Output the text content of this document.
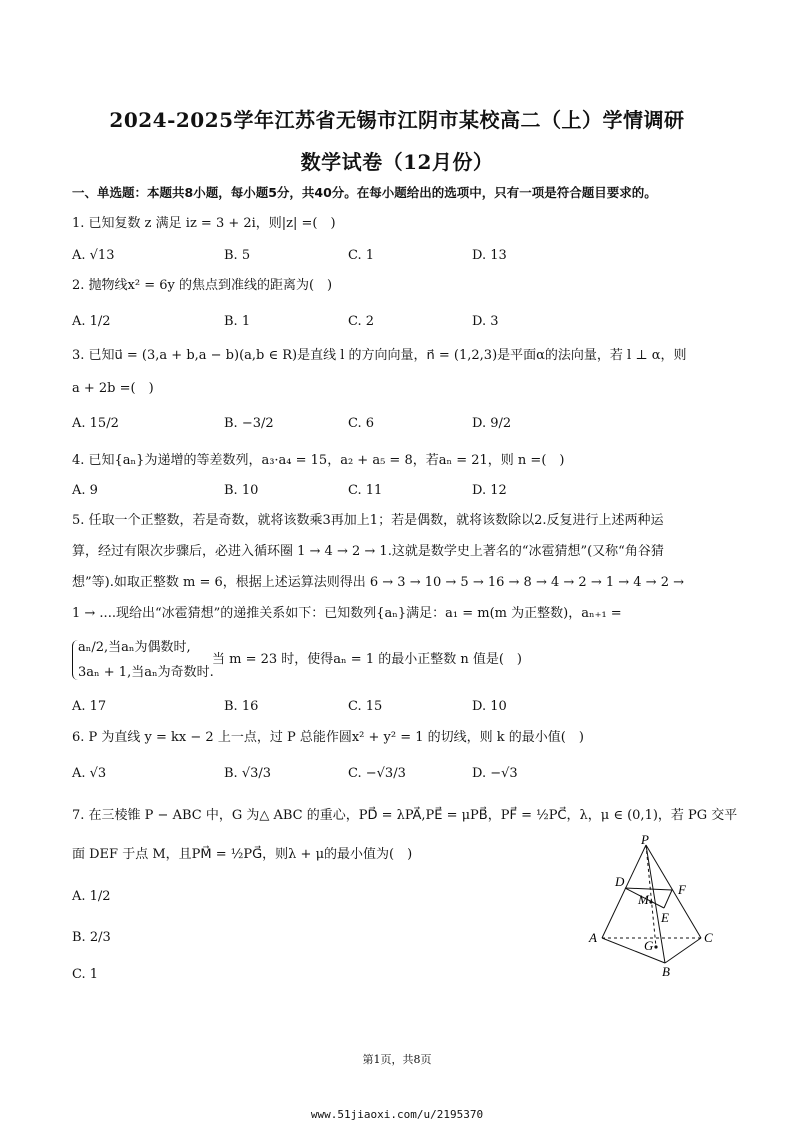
2024-2025学年江苏省无锡市江阴市某校高二（上）学情调研
数学试卷（12月份）
一、单选题：本题共8小题，每小题5分，共40分。在每小题给出的选项中，只有一项是符合题目要求的。
1. 已知复数 z 满足 iz = 3 + 2i，则|z| =(　)
A. √13	B. 5	C. 1	D. 13
2. 抛物线x² = 6y 的焦点到准线的距离为(　)
A. 1/2	B. 1	C. 2	D. 3
3. 已知u⃗ = (3,a + b,a − b)(a,b ∈ R)是直线 l 的方向向量，n⃗ = (1,2,3)是平面α的法向量，若 l ⊥ α，则
a + 2b =(　)
A. 15/2	B. −3/2	C. 6	D. 9/2
4. 已知{aₙ}为递增的等差数列，a₃·a₄ = 15，a₂ + a₅ = 8，若aₙ = 21，则 n =(　)
A. 9	B. 10	C. 11	D. 12
5. 任取一个正整数，若是奇数，就将该数乘3再加上1；若是偶数，就将该数除以2.反复进行上述两种运
算，经过有限次步骤后，必进入循环圈 1 → 4 → 2 → 1.这就是数学史上著名的“冰雹猜想”(又称“角谷猜
想”等).如取正整数 m = 6，根据上述运算法则得出 6 → 3 → 10 → 5 → 16 → 8 → 4 → 2 → 1 → 4 → 2 →
1 → ....现给出“冰雹猜想”的递推关系如下：已知数列{aₙ}满足：a₁ = m(m 为正整数)，aₙ₊₁ =
aₙ/2,当aₙ为偶数时,
3aₙ + 1,当aₙ为奇数时.
当 m = 23 时，使得aₙ = 1 的最小正整数 n 值是(　)
A. 17	B. 16	C. 15	D. 10
6. P 为直线 y = kx − 2 上一点，过 P 总能作圆x² + y² = 1 的切线，则 k 的最小值(　)
A. √3	B. √3/3	C. −√3/3	D. −√3
7. 在三棱锥 P − ABC 中，G 为△ ABC 的重心，PD⃗ = λPA⃗,PE⃗ = μPB⃗，PF⃗ = ½PC⃗，λ，μ ∈ (0,1)，若 PG 交平
面 DEF 于点 M，且PM⃗ = ½PG⃗，则λ + μ的最小值为(　)
A. 1/2
B. 2/3
C. 1
P
D
F
M
E
A
G
C
B
第1页，共8页
www.51jiaoxi.com/u/2195370
